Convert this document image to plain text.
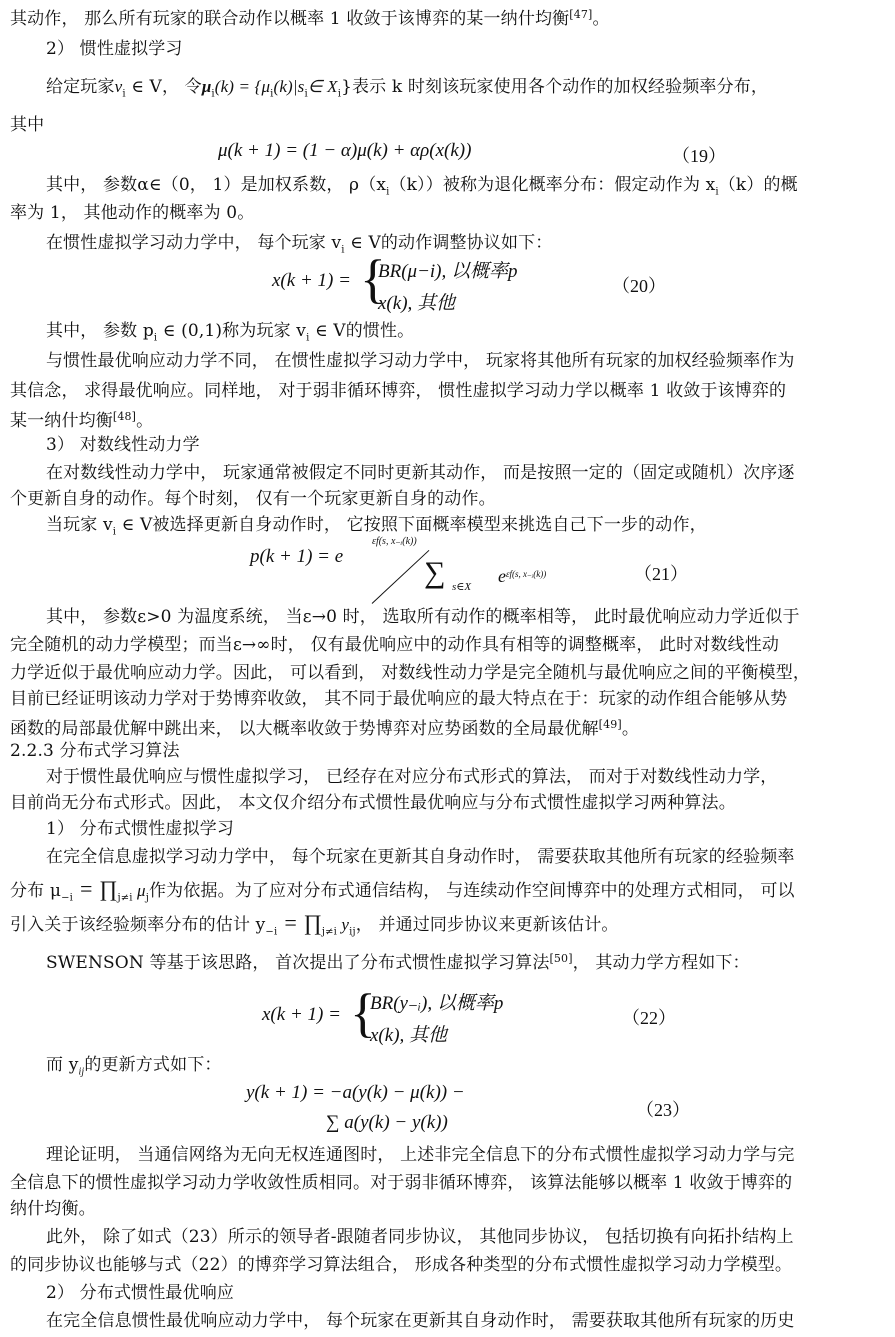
其动作， 那么所有玩家的联合动作以概率 1 收敛于该博弈的某一纳什均衡[47]。
2） 惯性虚拟学习
给定玩家$v_i$ ∈ V， 令$\mu_i(k)$ = {$\mu_i(k)|s_i\in$ $X_i$}表示 k 时刻该玩家使用各个动作的加权经验频率分布，
其中
μ(k + 1) = (1 − α)μ(k) + αρ(x(k))	（19）
其中， 参数α∈（0， 1）是加权系数， $\rho(x_i(k))$被称为退化概率分布：假定动作为 $x_i(k)$的概
率为 1， 其他动作的概率为 0。
在惯性虚拟学习动力学中， 每个玩家 $v_i$ ∈ V的动作调整协议如下：
x(k + 1) = {
BR(μ−i), 以概率p
x(k), 其他
（20）
其中， 参数 $p_i$ ∈ (0,1)称为玩家 $v_i$ ∈ V的惯性。
与惯性最优响应动力学不同， 在惯性虚拟学习动力学中， 玩家将其他所有玩家的加权经验频率作为
其信念， 求得最优响应。同样地， 对于弱非循环博弈， 惯性虚拟学习动力学以概率 1 收敛于该博弈的
某一纳什均衡[48]。
3） 对数线性动力学
在对数线性动力学中， 玩家通常被假定不同时更新其动作， 而是按照一定的（固定或随机）次序逐
个更新自身的动作。每个时刻， 仅有一个玩家更新自身的动作。
当玩家 $v_i$ ∈ V被选择更新自身动作时， 它按照下面概率模型来挑选自己下一步的动作，
p(k + 1) = e
εf(s, x₋ᵢ(k))
∑ s∈X
$e^{\varepsilon f(s, x_-ᵢ(k))}$	（21）
其中， 参数ε>0 为温度系统， 当ε→0 时， 选取所有动作的概率相等， 此时最优响应动力学近似于
完全随机的动力学模型；而当ε→∞时， 仅有最优响应中的动作具有相等的调整概率， 此时对数线性动
力学近似于最优响应动力学。因此， 可以看到， 对数线性动力学是完全随机与最优响应之间的平衡模型，
目前已经证明该动力学对于势博弈收敛， 其不同于最优响应的最大特点在于：玩家的动作组合能够从势
函数的局部最优解中跳出来， 以大概率收敛于势博弈对应势函数的全局最优解[49]。
2.2.3 分布式学习算法
对于惯性最优响应与惯性虚拟学习， 已经存在对应分布式形式的算法， 而对于对数线性动力学，
目前尚无分布式形式。因此， 本文仅介绍分布式惯性最优响应与分布式惯性虚拟学习两种算法。
1） 分布式惯性虚拟学习
在完全信息虚拟学习动力学中， 每个玩家在更新其自身动作时， 需要获取其他所有玩家的经验频率
分布 $\mu_{-i}$ = $\prod_{j\ne i}$ $\mu_j$作为依据。为了应对分布式通信结构， 与连续动作空间博弈中的处理方式相同， 可以
引入关于该经验频率分布的估计 $y_{-i}$ = $\prod_{j\ne i}$ $y_{ij}$， 并通过同步协议来更新该估计。
SWENSON 等基于该思路， 首次提出了分布式惯性虚拟学习算法[50]， 其动力学方程如下：
x(k + 1) = {
BR(y₋ᵢ), 以概率p
x(k), 其他
（22）
而 $y_{ij}$的更新方式如下：
y(k + 1) = −a(y(k) − μ(k)) −
∑ a(y(k) − y(k))
（23）
理论证明， 当通信网络为无向无权连通图时， 上述非完全信息下的分布式惯性虚拟学习动力学与完
全信息下的惯性虚拟学习动力学收敛性质相同。对于弱非循环博弈， 该算法能够以概率 1 收敛于博弈的
纳什均衡。
此外， 除了如式（23）所示的领导者-跟随者同步协议， 其他同步协议， 包括切换有向拓扑结构上
的同步协议也能够与式（22）的博弈学习算法组合， 形成各种类型的分布式惯性虚拟学习动力学模型。
2） 分布式惯性最优响应
在完全信息惯性最优响应动力学中， 每个玩家在更新其自身动作时， 需要获取其他所有玩家的历史
